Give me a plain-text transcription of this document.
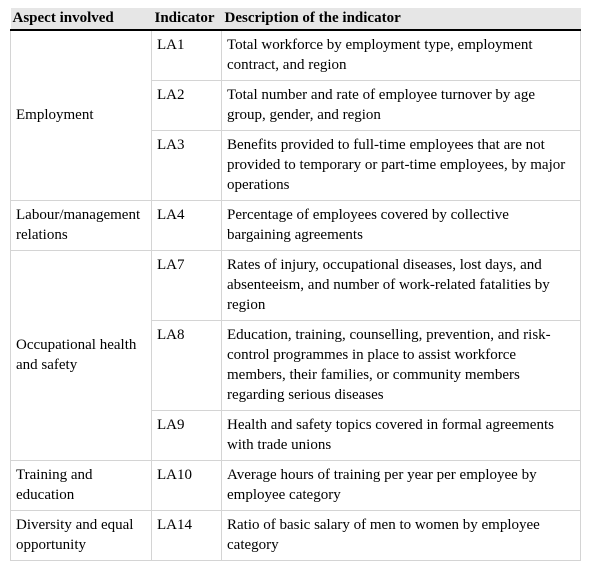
Aspect involved	Indicator	Description of the indicator
Employment	LA1	Total workforce by employment type, employment contract, and region
	LA2	Total number and rate of employee turnover by age group, gender, and region
	LA3	Benefits provided to full-time employees that are not provided to temporary or part-time employees, by major operations
Labour/management relations	LA4	Percentage of employees covered by collective bargaining agreements
Occupational health and safety	LA7	Rates of injury, occupational diseases, lost days, and absenteeism, and number of work-related fatalities by region
	LA8	Education, training, counselling, prevention, and risk-control programmes in place to assist workforce members, their families, or community members regarding serious diseases
	LA9	Health and safety topics covered in formal agreements with trade unions
Training and education	LA10	Average hours of training per year per employee by employee category
Diversity and equal opportunity	LA14	Ratio of basic salary of men to women by employee category
